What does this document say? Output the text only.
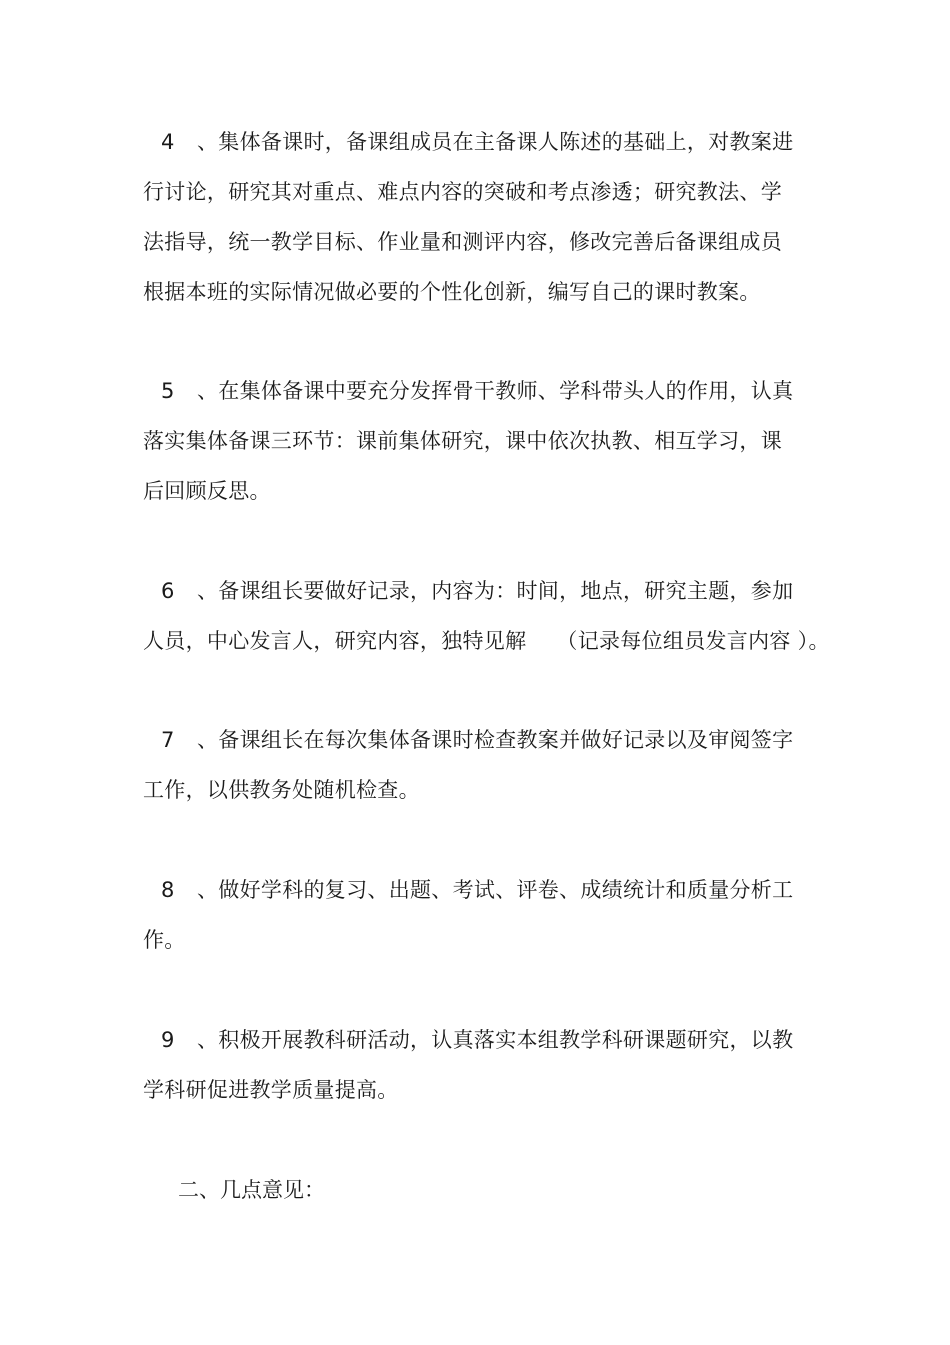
4 、集体备课时，备课组成员在主备课人陈述的基础上，对教案进
行讨论，研究其对重点、难点内容的突破和考点渗透；研究教法、学
法指导，统一教学目标、作业量和测评内容，修改完善后备课组成员
根据本班的实际情况做必要的个性化创新，编写自己的课时教案。
5 、在集体备课中要充分发挥骨干教师、学科带头人的作用，认真
落实集体备课三环节：课前集体研究，课中依次执教、相互学习，课
后回顾反思。
6 、备课组长要做好记录，内容为：时间，地点，研究主题，参加
人员，中心发言人，研究内容，独特见解 （记录每位组员发言内容 ）。
7 、备课组长在每次集体备课时检查教案并做好记录以及审阅签字
工作，以供教务处随机检查。
8 、做好学科的复习、出题、考试、评卷、成绩统计和质量分析工
作。
9 、积极开展教科研活动，认真落实本组教学科研课题研究，以教
学科研促进教学质量提高。
二、几点意见：
